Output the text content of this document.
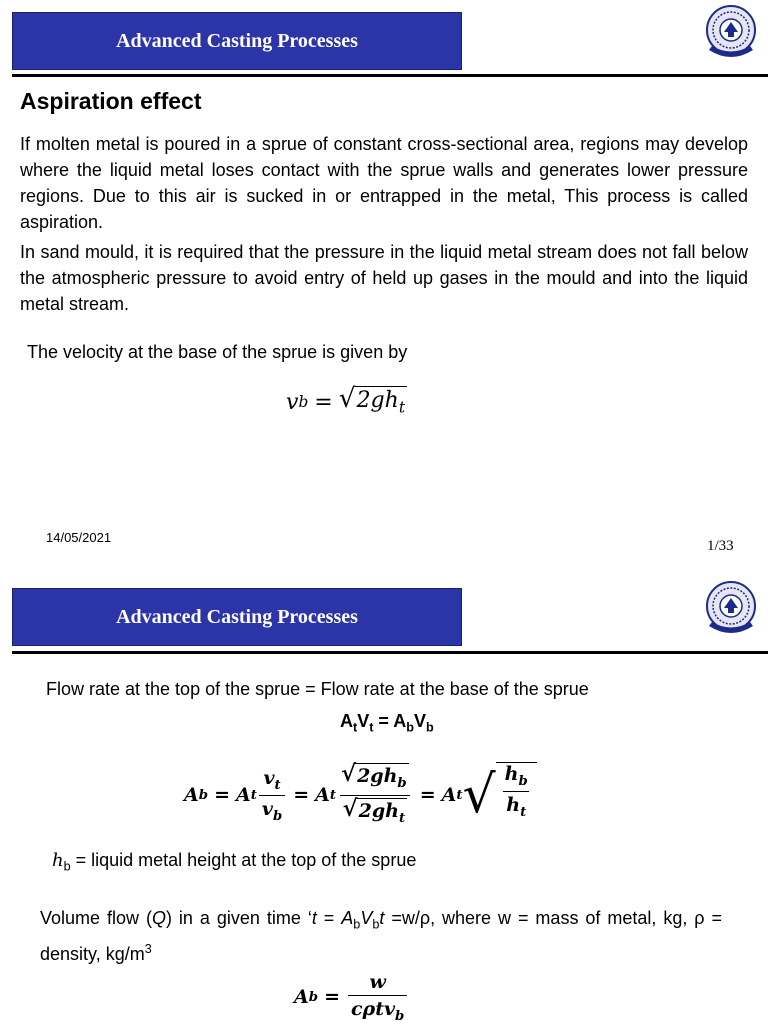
Advanced Casting Processes
Aspiration effect

If molten metal is poured in a sprue of constant cross-sectional area, regions may develop where the liquid metal loses contact with the sprue walls and generates lower pressure regions. Due to this air is sucked in or entrapped in the metal, This process is called aspiration.

In sand mould, it is required that the pressure in the liquid metal stream does not fall below the atmospheric pressure to avoid entry of held up gases in the mould and into the liquid metal stream.

The velocity at the base of the sprue is given by

v b = √ $2gh_t$
14/05/2021
1/33
Advanced Casting Processes
Flow rate at the top of the sprue = Flow rate at the base of the sprue
$A_tV_t = A_bV_b$
A b = A t $\frac{v_t}{v_b} = A$ t $\frac{√ 2gh_b}{√ 2gh_t} = A$ t √ $\frac{h_b}{h_t}$
$h_b$ = liquid metal height at the top of the sprue
Volume flow (Q) in a given time ‘$t = A_bV_bt =w/\rho$, where w = mass of metal, kg, ρ = density, $kg/m^3$
A $b = \frac{w}{c\rho tv_b}$
